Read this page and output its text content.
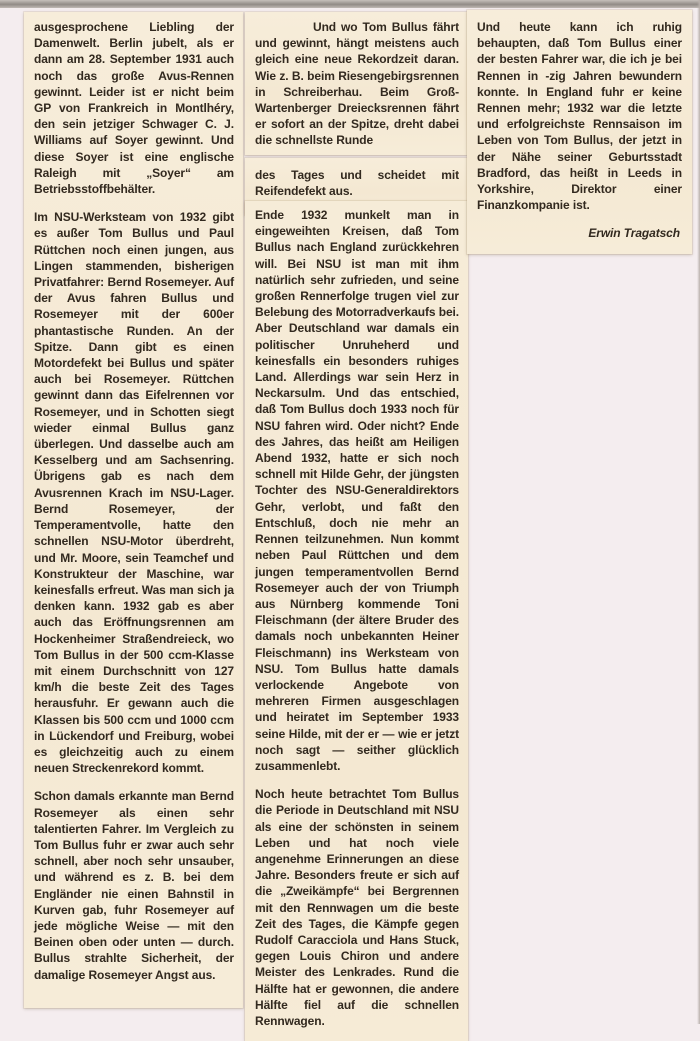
ausgesprochene Liebling der Damenwelt. Berlin jubelt, als er dann am 28. September 1931 auch noch das große Avus-Rennen gewinnt. Leider ist er nicht beim GP von Frankreich in Montlhéry, den sein jetziger Schwager C. J. Williams auf Soyer gewinnt. Und diese Soyer ist eine englische Raleigh mit „Soyer“ am Betriebsstoffbehälter.

Im NSU-Werksteam von 1932 gibt es außer Tom Bullus und Paul Rüttchen noch einen jungen, aus Lingen stammenden, bisherigen Privatfahrer: Bernd Rosemeyer. Auf der Avus fahren Bullus und Rosemeyer mit der 600er phantastische Runden. An der Spitze. Dann gibt es einen Motordefekt bei Bullus und später auch bei Rosemeyer. Rüttchen gewinnt dann das Eifelrennen vor Rosemeyer, und in Schotten siegt wieder einmal Bullus ganz überlegen. Und dasselbe auch am Kesselberg und am Sachsenring. Übrigens gab es nach dem Avusrennen Krach im NSU-Lager. Bernd Rosemeyer, der Temperamentvolle, hatte den schnellen NSU-Motor überdreht, und Mr. Moore, sein Teamchef und Konstrukteur der Maschine, war keinesfalls erfreut. Was man sich ja denken kann. 1932 gab es aber auch das Eröffnungsrennen am Hockenheimer Straßendreieck, wo Tom Bullus in der 500 ccm-Klasse mit einem Durchschnitt von 127 km/h die beste Zeit des Tages herausfuhr. Er gewann auch die Klassen bis 500 ccm und 1000 ccm in Lückendorf und Freiburg, wobei es gleichzeitig auch zu einem neuen Streckenrekord kommt.

Schon damals erkannte man Bernd Rosemeyer als einen sehr talentierten Fahrer. Im Vergleich zu Tom Bullus fuhr er zwar auch sehr schnell, aber noch sehr unsauber, und während es z. B. bei dem Engländer nie einen Bahnstil in Kurven gab, fuhr Rosemeyer auf jede mögliche Weise — mit den Beinen oben oder unten — durch. Bullus strahlte Sicherheit, der damalige Rosemeyer Angst aus.

Und wo Tom Bullus fährt und gewinnt, hängt meistens auch gleich eine neue Rekordzeit daran. Wie z. B. beim Riesengebirgsrennen in Schreiberhau. Beim Groß-Wartenberger Dreiecksrennen fährt er sofort an der Spitze, dreht dabei die schnellste Runde

des Tages und scheidet mit Reifendefekt aus.

Ende 1932 munkelt man in eingeweihten Kreisen, daß Tom Bullus nach England zurückkehren will. Bei NSU ist man mit ihm natürlich sehr zufrieden, und seine großen Rennerfolge trugen viel zur Belebung des Motorradverkaufs bei. Aber Deutschland war damals ein politischer Unruheherd und keinesfalls ein besonders ruhiges Land. Allerdings war sein Herz in Neckarsulm. Und das entschied, daß Tom Bullus doch 1933 noch für NSU fahren wird. Oder nicht? Ende des Jahres, das heißt am Heiligen Abend 1932, hatte er sich noch schnell mit Hilde Gehr, der jüngsten Tochter des NSU-Generaldirektors Gehr, verlobt, und faßt den Entschluß, doch nie mehr an Rennen teilzunehmen. Nun kommt neben Paul Rüttchen und dem jungen temperamentvollen Bernd Rosemeyer auch der von Triumph aus Nürnberg kommende Toni Fleischmann (der ältere Bruder des damals noch unbekannten Heiner Fleischmann) ins Werksteam von NSU. Tom Bullus hatte damals verlockende Angebote von mehreren Firmen ausgeschlagen und heiratet im September 1933 seine Hilde, mit der er — wie er jetzt noch sagt — seither glücklich zusammenlebt.

Noch heute betrachtet Tom Bullus die Periode in Deutschland mit NSU als eine der schönsten in seinem Leben und hat noch viele angenehme Erinnerungen an diese Jahre. Besonders freute er sich auf die „Zweikämpfe“ bei Bergrennen mit den Rennwagen um die beste Zeit des Tages, die Kämpfe gegen Rudolf Caracciola und Hans Stuck, gegen Louis Chiron und andere Meister des Lenkrades. Rund die Hälfte hat er gewonnen, die andere Hälfte fiel auf die schnellen Rennwagen.

Und heute kann ich ruhig behaupten, daß Tom Bullus einer der besten Fahrer war, die ich je bei Rennen in -zig Jahren bewundern konnte. In England fuhr er keine Rennen mehr; 1932 war die letzte und erfolgreichste Rennsaison im Leben von Tom Bullus, der jetzt in der Nähe seiner Geburtsstadt Bradford, das heißt in Leeds in Yorkshire, Direktor einer Finanzkompanie ist.

Erwin Tragatsch
